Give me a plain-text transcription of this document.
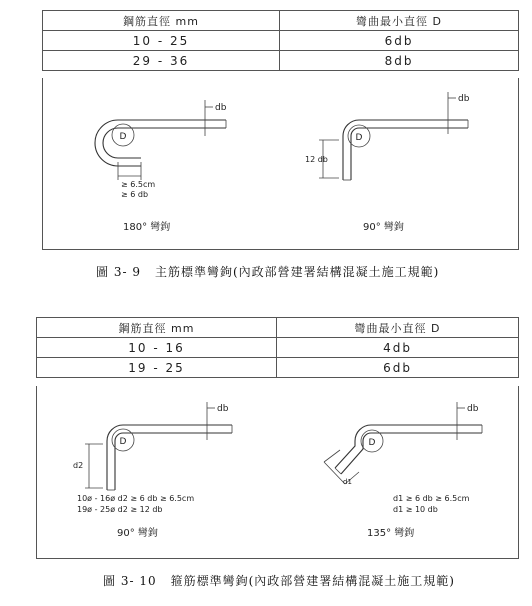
鋼筋直徑 mm	彎曲最小直徑 D
10 - 25	6db
29 - 36	8db
D
db
≥ 6.5cm
≥ 6 db
180° 彎鉤
D
db
12 db
90° 彎鉤
圖 3- 9 主筋標準彎鉤(內政部營建署結構混凝土施工規範)
鋼筋直徑 mm	彎曲最小直徑 D
10 - 16	4db
19 - 25	6db
D
db
d2
10ø - 16ø d2 ≥ 6 db ≥ 6.5cm
19ø - 25ø d2 ≥ 12 db
90° 彎鉤
D
db
d1
d1 ≥ 6 db ≥ 6.5cm
d1 ≥ 10 db
135° 彎鉤
圖 3- 10 箍筋標準彎鉤(內政部營建署結構混凝土施工規範)
